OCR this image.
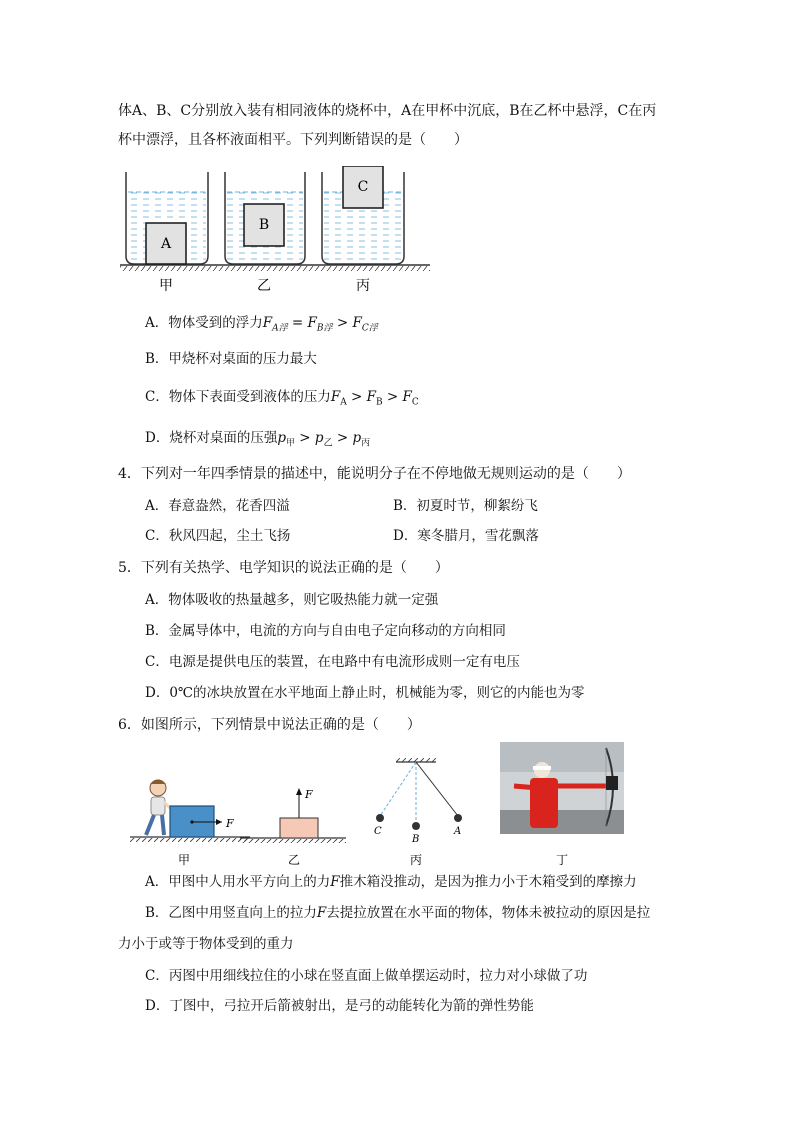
体A、B、C分别放入装有相同液体的烧杯中，A在甲杯中沉底，B在乙杯中悬浮，C在丙
杯中漂浮，且各杯液面相平。下列判断错误的是（　　）
A
B
C
甲	乙	丙
A．物体受到的浮力$F_{A浮} = F_{B浮} > F_{C浮}$
B．甲烧杯对桌面的压力最大
C．物体下表面受到液体的压力$F_A > F_B > F_C$
D．烧杯对桌面的压强$p_甲 > p_乙 > p_丙$
4．下列对一年四季情景的描述中，能说明分子在不停地做无规则运动的是（　　）
A．春意盎然，花香四溢	B．初夏时节，柳絮纷飞
C．秋风四起，尘土飞扬	D．寒冬腊月，雪花飘落
5．下列有关热学、电学知识的说法正确的是（　　）
A．物体吸收的热量越多，则它吸热能力就一定强
B．金属导体中，电流的方向与自由电子定向移动的方向相同
C．电源是提供电压的装置，在电路中有电流形成则一定有电压
D．0℃的冰块放置在水平地面上静止时，机械能为零，则它的内能也为零
6．如图所示，下列情景中说法正确的是（　　）
F
甲
F
乙
C
B
A
丙	丁
A．甲图中人用水平方向上的力F推木箱没推动，是因为推力小于木箱受到的摩擦力
B．乙图中用竖直向上的拉力F去提拉放置在水平面的物体，物体未被拉动的原因是拉
力小于或等于物体受到的重力
C．丙图中用细线拉住的小球在竖直面上做单摆运动时，拉力对小球做了功
D．丁图中，弓拉开后箭被射出，是弓的动能转化为箭的弹性势能
